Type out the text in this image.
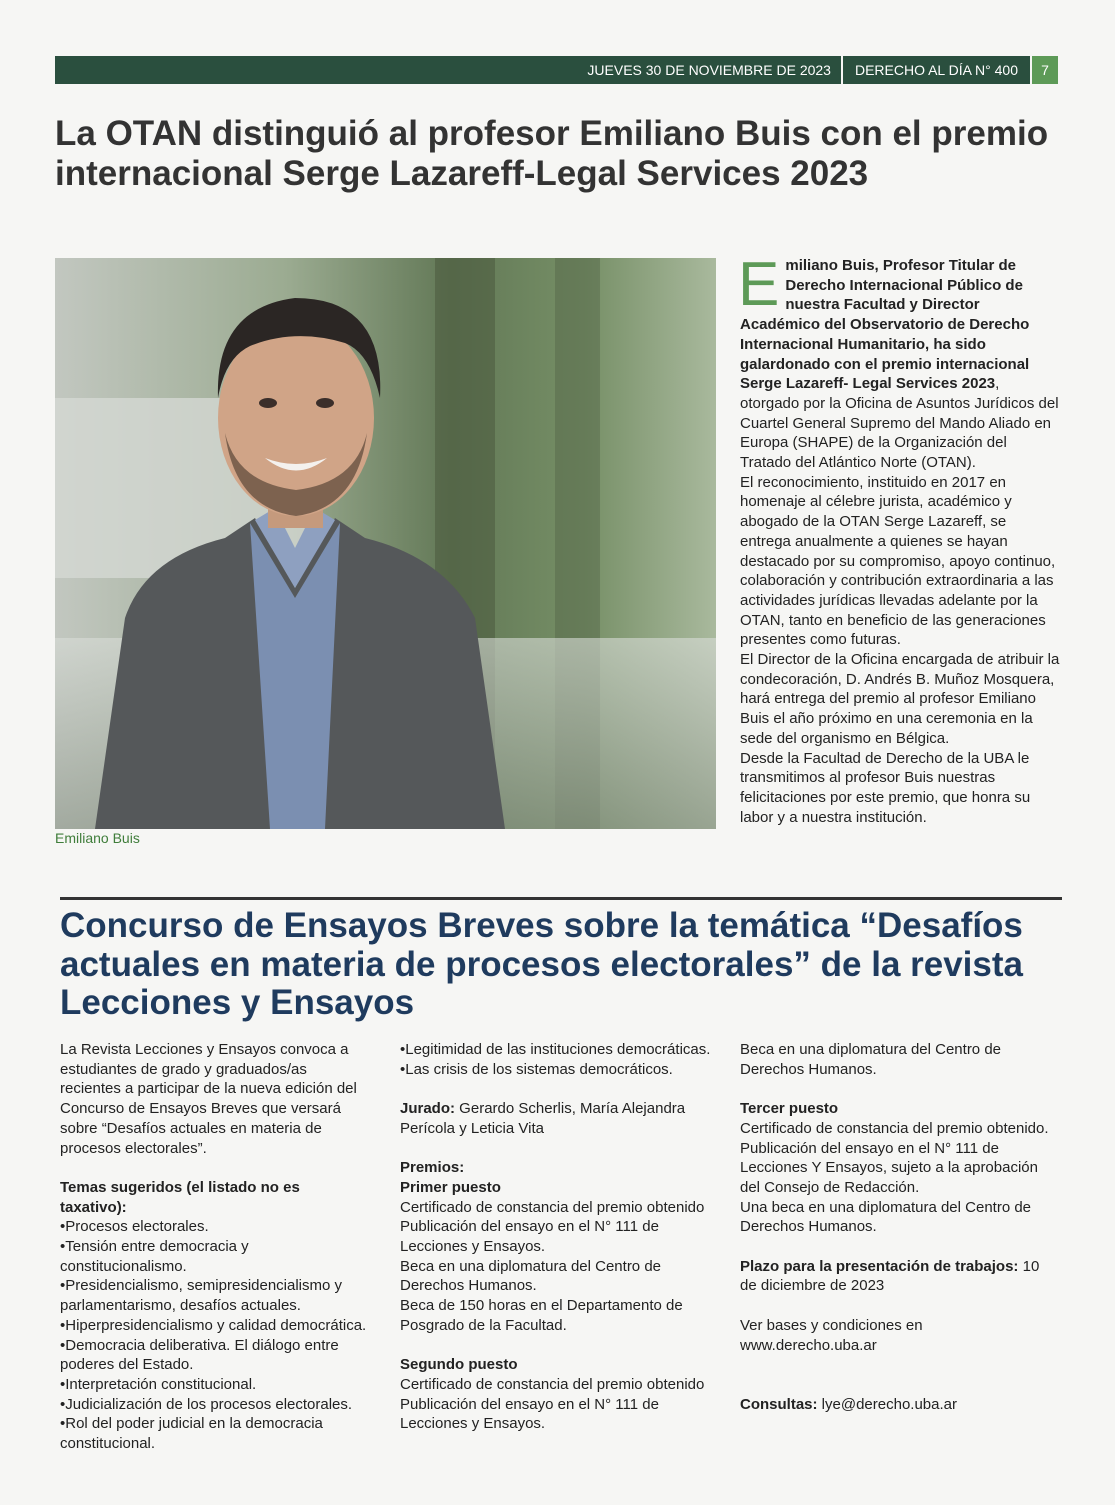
JUEVES 30 DE NOVIEMBRE DE 2023	DERECHO AL DÍA N° 400	7
La OTAN distinguió al profesor Emiliano Buis con el premio internacional Serge Lazareff-Legal Services 2023
Emiliano Buis

Emiliano Buis, Profesor Titular de Derecho Internacional Público de nuestra Facultad y Director Académico del Observatorio de Derecho Internacional Humanitario, ha sido galardonado con el premio internacional Serge Lazareff- Legal Services 2023, otorgado por la Oficina de Asuntos Jurídicos del Cuartel General Supremo del Mando Aliado en Europa (SHAPE) de la Organización del Tratado del Atlántico Norte (OTAN).

El reconocimiento, instituido en 2017 en homenaje al célebre jurista, académico y abogado de la OTAN Serge Lazareff, se entrega anualmente a quienes se hayan destacado por su compromiso, apoyo continuo, colaboración y contribución extraordinaria a las actividades jurídicas llevadas adelante por la OTAN, tanto en beneficio de las generaciones presentes como futuras.

El Director de la Oficina encargada de atribuir la condecoración, D. Andrés B. Muñoz Mosquera, hará entrega del premio al profesor Emiliano Buis el año próximo en una ceremonia en la sede del organismo en Bélgica.

Desde la Facultad de Derecho de la UBA le transmitimos al profesor Buis nuestras felicitaciones por este premio, que honra su labor y a nuestra institución.

Concurso de Ensayos Breves sobre la temática “Desafíos actuales en materia de procesos electorales” de la revista Lecciones y Ensayos

La Revista Lecciones y Ensayos convoca a estudiantes de grado y graduados/as recientes a participar de la nueva edición del Concurso de Ensayos Breves que versará sobre “Desafíos actuales en materia de procesos electorales”.

Temas sugeridos (el listado no es taxativo):

•Procesos electorales.

•Tensión entre democracia y constitucionalismo.

•Presidencialismo, semipresidencialismo y parlamentarismo, desafíos actuales.

•Hiperpresidencialismo y calidad democrática.

•Democracia deliberativa. El diálogo entre poderes del Estado.

•Interpretación constitucional.

•Judicialización de los procesos electorales.

•Rol del poder judicial en la democracia constitucional.

•Legitimidad de las instituciones democráticas.

•Las crisis de los sistemas democráticos.

Jurado: Gerardo Scherlis, María Alejandra Perícola y Leticia Vita

Premios:

Primer puesto

Certificado de constancia del premio obtenido

Publicación del ensayo en el N° 111 de Lecciones y Ensayos.

Beca en una diplomatura del Centro de Derechos Humanos.

Beca de 150 horas en el Departamento de Posgrado de la Facultad.

Segundo puesto

Certificado de constancia del premio obtenido

Publicación del ensayo en el N° 111 de Lecciones y Ensayos.

Beca en una diplomatura del Centro de Derechos Humanos.

Tercer puesto

Certificado de constancia del premio obtenido.

Publicación del ensayo en el N° 111 de Lecciones Y Ensayos, sujeto a la aprobación del Consejo de Redacción.

Una beca en una diplomatura del Centro de Derechos Humanos.

Plazo para la presentación de trabajos: 10 de diciembre de 2023

Ver bases y condiciones en www.derecho.uba.ar

Consultas: lye@derecho.uba.ar
